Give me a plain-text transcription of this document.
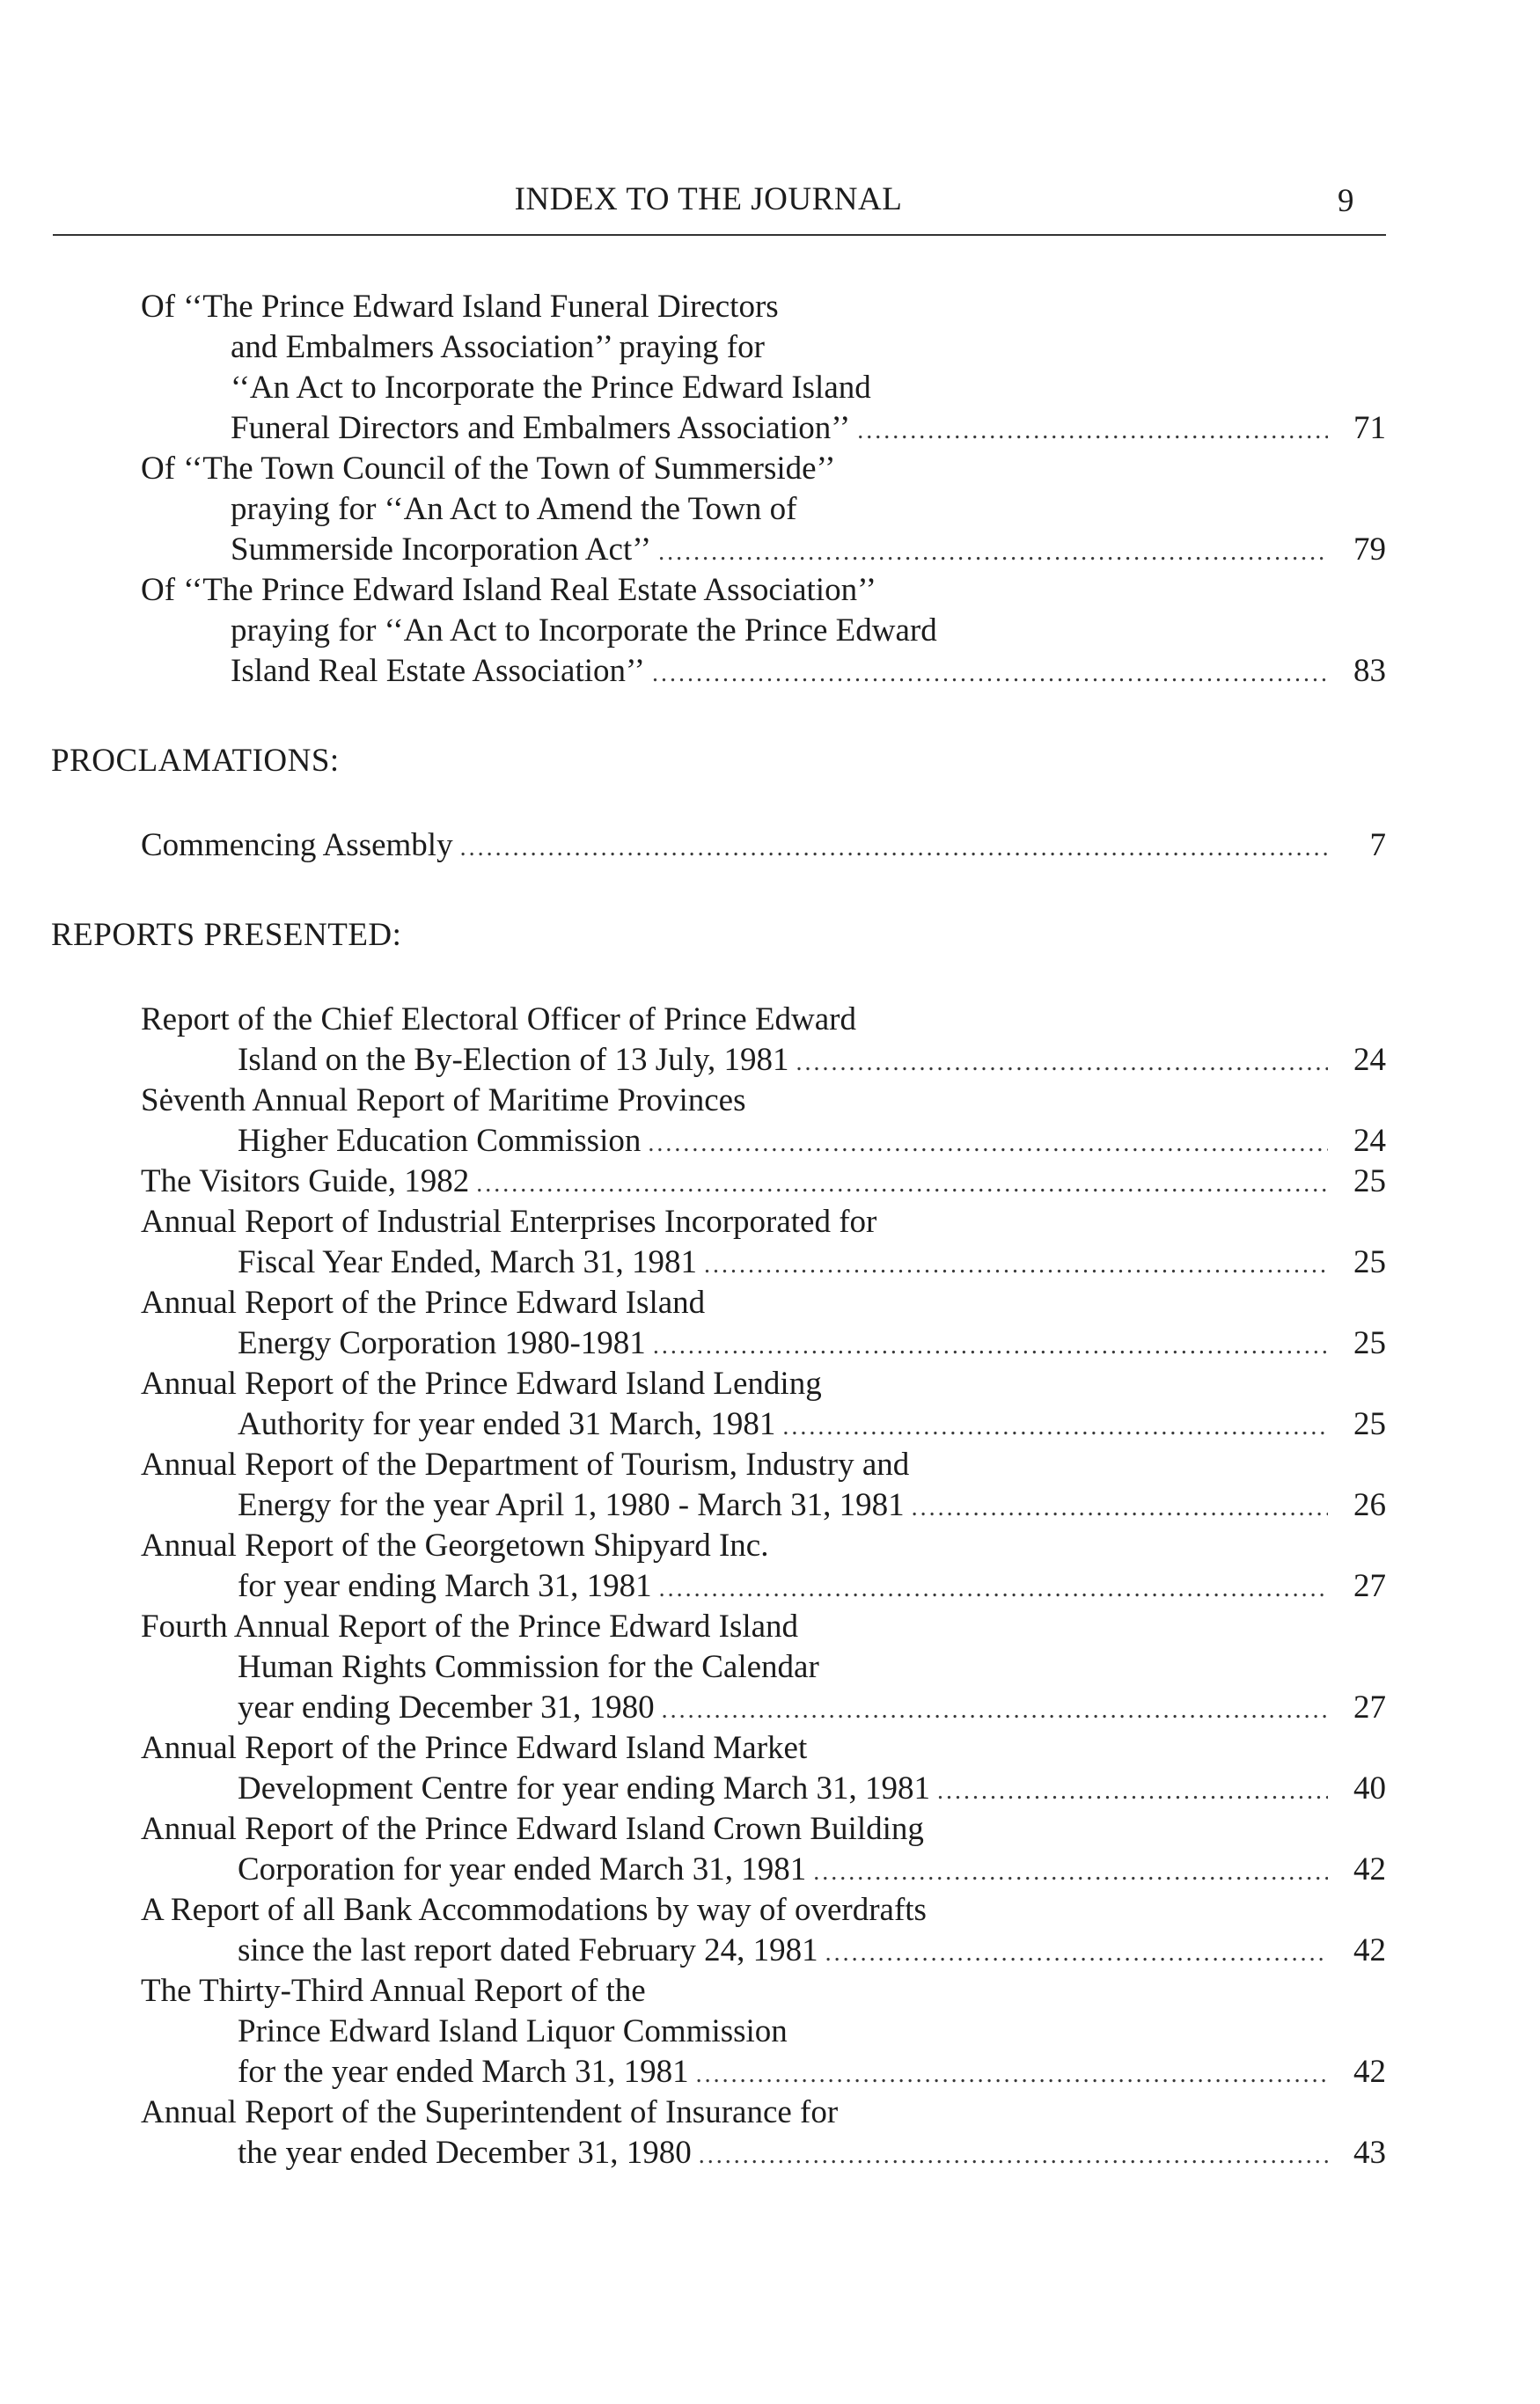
INDEX TO THE JOURNAL	9
Of ‘‘The Prince Edward Island Funeral Directors
and Embalmers Association’’ praying for
‘‘An Act to Incorporate the Prince Edward Island
Funeral Directors and Embalmers Association’’ .....	71
Of ‘‘The Town Council of the Town of Summerside’’
praying for ‘‘An Act to Amend the Town of
Summerside Incorporation Act’’ .....	79
Of ‘‘The Prince Edward Island Real Estate Association’’
praying for ‘‘An Act to Incorporate the Prince Edward
Island Real Estate Association’’ .....	83
PROCLAMATIONS:
Commencing Assembly .....	7
REPORTS PRESENTED:
Report of the Chief Electoral Officer of Prince Edward
Island on the By-Election of 13 July, 1981 .....	24
Sėventh Annual Report of Maritime Provinces
Higher Education Commission .....	24
The Visitors Guide, 1982 .....	25
Annual Report of Industrial Enterprises Incorporated for
Fiscal Year Ended, March 31, 1981 .....	25
Annual Report of the Prince Edward Island
Energy Corporation 1980-1981 .....	25
Annual Report of the Prince Edward Island Lending
Authority for year ended 31 March, 1981 .....	25
Annual Report of the Department of Tourism, Industry and
Energy for the year April 1, 1980 - March 31, 1981 .....	26
Annual Report of the Georgetown Shipyard Inc.
for year ending March 31, 1981 .....	27
Fourth Annual Report of the Prince Edward Island
Human Rights Commission for the Calendar
year ending December 31, 1980 .....	27
Annual Report of the Prince Edward Island Market
Development Centre for year ending March 31, 1981 .....	40
Annual Report of the Prince Edward Island Crown Building
Corporation for year ended March 31, 1981 .....	42
A Report of all Bank Accommodations by way of overdrafts
since the last report dated February 24, 1981 .....	42
The Thirty-Third Annual Report of the
Prince Edward Island Liquor Commission
for the year ended March 31, 1981 .....	42
Annual Report of the Superintendent of Insurance for
the year ended December 31, 1980 .....	43
